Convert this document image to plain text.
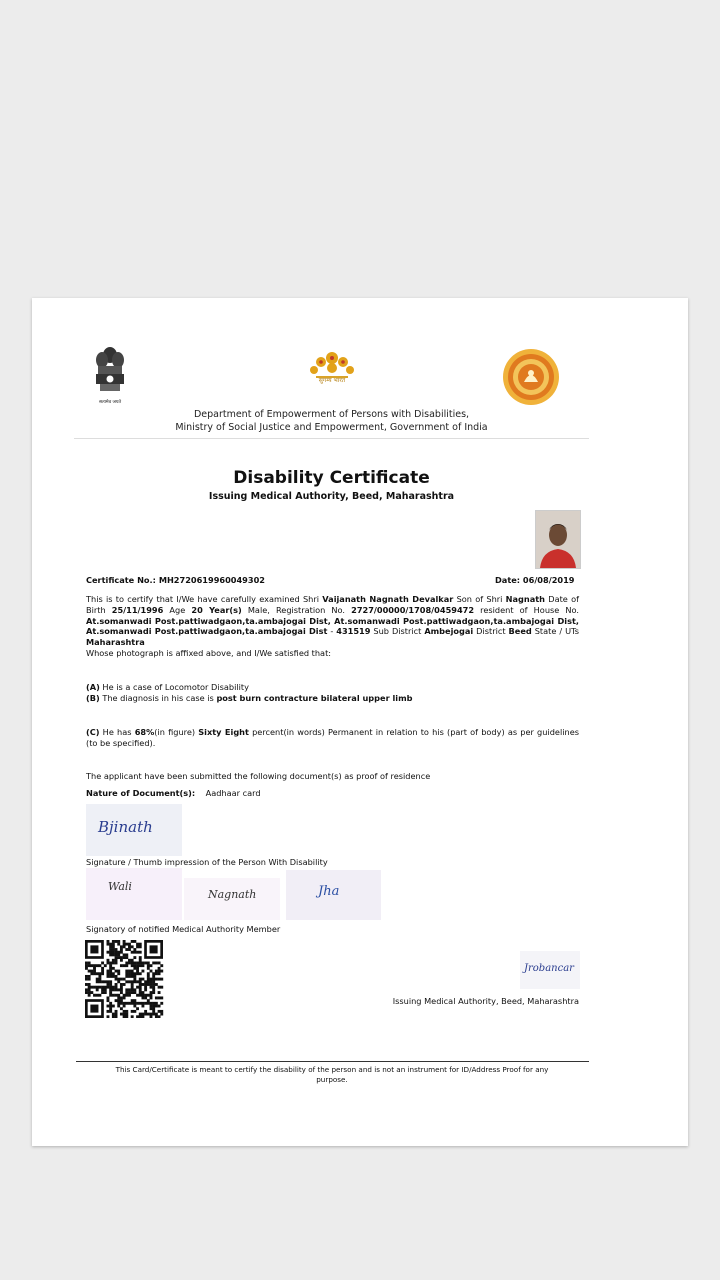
सत्यमेव जयते
सुगम्य भारत
Department of Empowerment of Persons with Disabilities,
Ministry of Social Justice and Empowerment, Government of India
Disability Certificate
Issuing Medical Authority, Beed, Maharashtra
Certificate No.: MH2720619960049302	Date: 06/08/2019
This is to certify that I/We have carefully examined Shri Vaijanath Nagnath Devalkar Son of Shri Nagnath Date of Birth 25/11/1996 Age 20 Year(s) Male, Registration No. 2727/00000/1708/0459472 resident of House No. At.somanwadi Post.pattiwadgaon,ta.ambajogai Dist, At.somanwadi Post.pattiwadgaon,ta.ambajogai Dist, At.somanwadi Post.pattiwadgaon,ta.ambajogai Dist - 431519 Sub District Ambejogai District Beed State / UTs Maharashtra
Whose photograph is affixed above, and I/We satisfied that:
(A) He is a case of Locomotor Disability
(B) The diagnosis in his case is post burn contracture bilateral upper limb
(C) He has 68%(in figure) Sixty Eight percent(in words) Permanent in relation to his (part of body) as per guidelines (to be specified).
The applicant have been submitted the following document(s) as proof of residence
Nature of Document(s): Aadhaar card
Bjinath
Signature / Thumb impression of the Person With Disability
Wali
Nagnath	Jha
Signatory of notified Medical Authority Member
Jrobancar
Issuing Medical Authority, Beed, Maharashtra
This Card/Certificate is meant to certify the disability of the person and is not an instrument for ID/Address Proof for any purpose.
